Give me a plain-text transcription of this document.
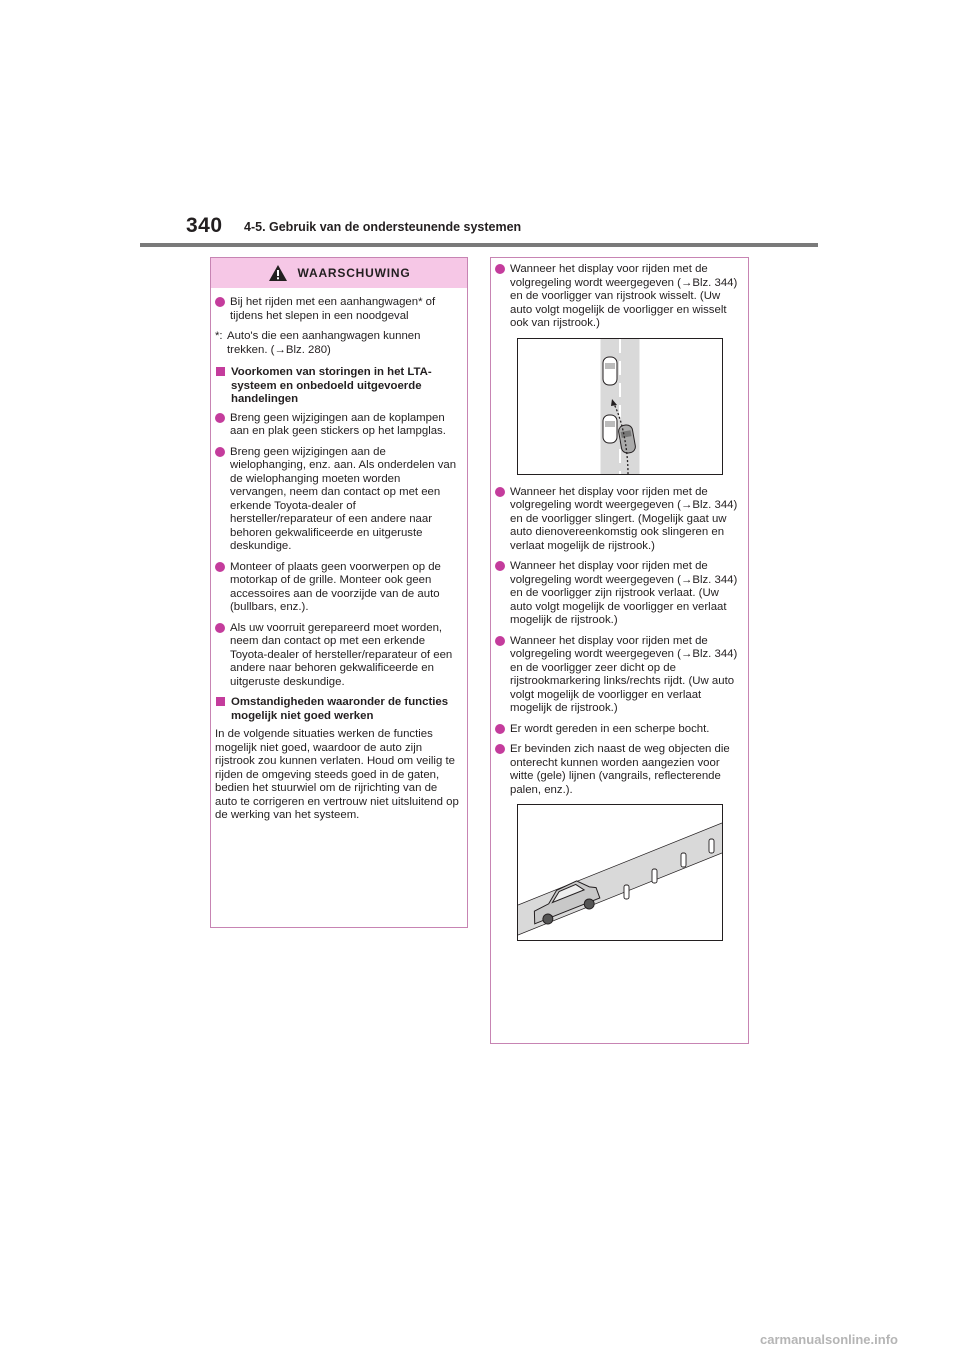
340 4-5. Gebruik van de ondersteunende systemen
WAARSCHUWING
Bij het rijden met een aanhangwagen* of tijdens het slepen in een noodgeval
*: Auto's die een aanhangwagen kunnen trekken. (→Blz. 280)
Voorkomen van storingen in het LTA-systeem en onbedoeld uitgevoerde handelingen
Breng geen wijzigingen aan de koplampen aan en plak geen stickers op het lampglas.
Breng geen wijzigingen aan de wielophanging, enz. aan. Als onderdelen van de wielophanging moeten worden vervangen, neem dan contact op met een erkende Toyota-dealer of hersteller/reparateur of een andere naar behoren gekwalificeerde en uitgeruste deskundige.
Monteer of plaats geen voorwerpen op de motorkap of de grille. Monteer ook geen accessoires aan de voorzijde van de auto (bullbars, enz.).
Als uw voorruit gerepareerd moet worden, neem dan contact op met een erkende Toyota-dealer of hersteller/reparateur of een andere naar behoren gekwalificeerde en uitgeruste deskundige.
Omstandigheden waaronder de functies mogelijk niet goed werken

In de volgende situaties werken de functies mogelijk niet goed, waardoor de auto zijn rijstrook zou kunnen verlaten. Houd om veilig te rijden de omgeving steeds goed in de gaten, bedien het stuurwiel om de rijrichting van de auto te corrigeren en vertrouw niet uitsluitend op de werking van het systeem.

Wanneer het display voor rijden met de volgregeling wordt weergegeven (→Blz. 344) en de voorligger van rijstrook wisselt. (Uw auto volgt mogelijk de voorligger en wisselt ook van rijstrook.)
Wanneer het display voor rijden met de volgregeling wordt weergegeven (→Blz. 344) en de voorligger slingert. (Mogelijk gaat uw auto dienovereenkomstig ook slingeren en verlaat mogelijk de rijstrook.)
Wanneer het display voor rijden met de volgregeling wordt weergegeven (→Blz. 344) en de voorligger zijn rijstrook verlaat. (Uw auto volgt mogelijk de voorligger en verlaat mogelijk de rijstrook.)
Wanneer het display voor rijden met de volgregeling wordt weergegeven (→Blz. 344) en de voorligger zeer dicht op de rijstrookmarkering links/rechts rijdt. (Uw auto volgt mogelijk de voorligger en verlaat mogelijk de rijstrook.)
Er wordt gereden in een scherpe bocht.
Er bevinden zich naast de weg objecten die onterecht kunnen worden aangezien voor witte (gele) lijnen (vangrails, reflecterende palen, enz.).
carmanualsonline.info
